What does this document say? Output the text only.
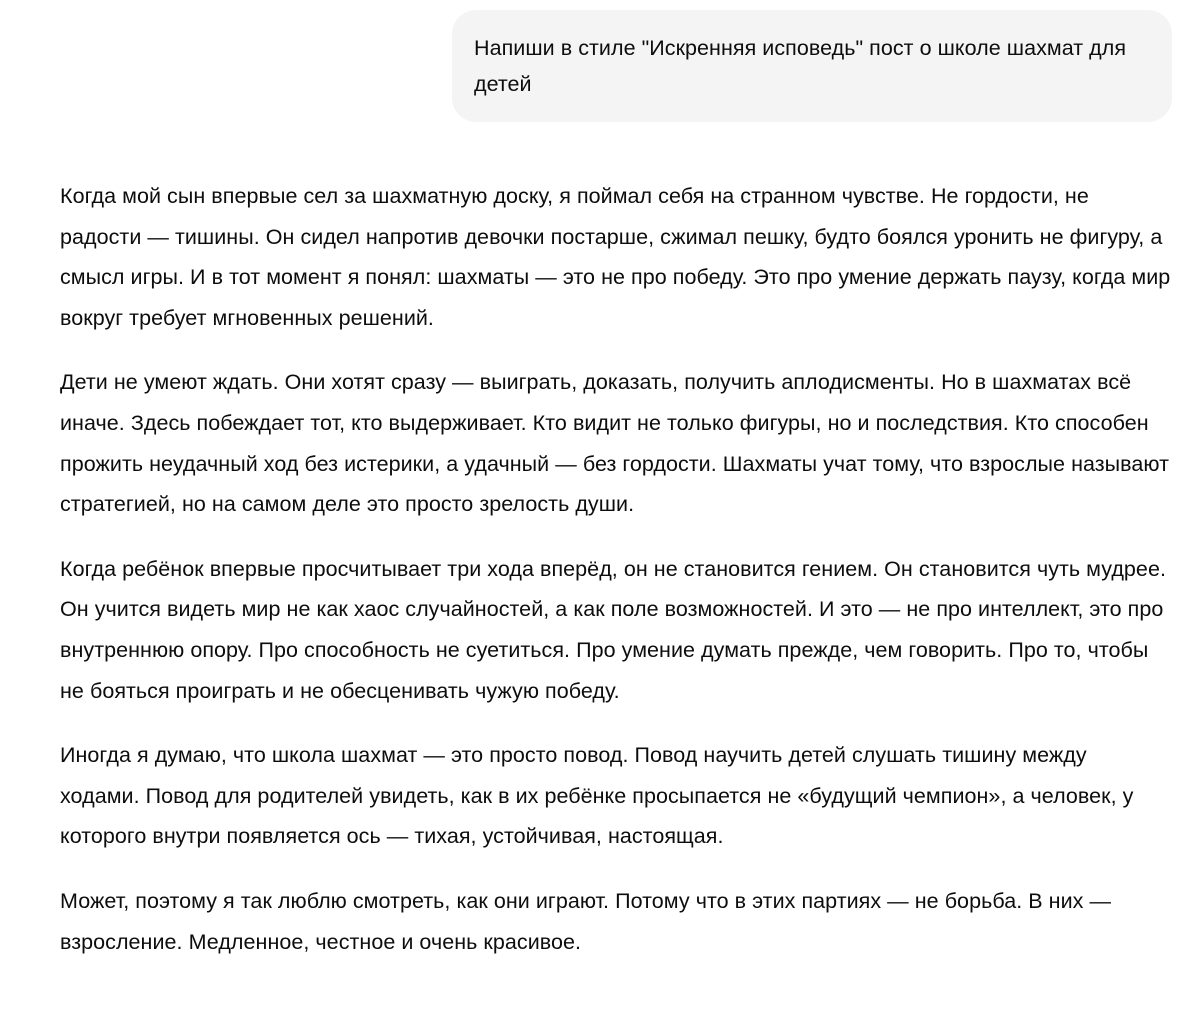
Напиши в стиле "Искренняя исповедь" пост о школе шахмат для детей

Когда мой сын впервые сел за шахматную доску, я поймал себя на странном чувстве. Не гордости, не радости — тишины. Он сидел напротив девочки постарше, сжимал пешку, будто боялся уронить не фигуру, а смысл игры. И в тот момент я понял: шахматы — это не про победу. Это про умение держать паузу, когда мир вокруг требует мгновенных решений.

Дети не умеют ждать. Они хотят сразу — выиграть, доказать, получить аплодисменты. Но в шахматах всё иначе. Здесь побеждает тот, кто выдерживает. Кто видит не только фигуры, но и последствия. Кто способен прожить неудачный ход без истерики, а удачный — без гордости. Шахматы учат тому, что взрослые называют стратегией, но на самом деле это просто зрелость души.

Когда ребёнок впервые просчитывает три хода вперёд, он не становится гением. Он становится чуть мудрее. Он учится видеть мир не как хаос случайностей, а как поле возможностей. И это — не про интеллект, это про внутреннюю опору. Про способность не суетиться. Про умение думать прежде, чем говорить. Про то, чтобы не бояться проиграть и не обесценивать чужую победу.

Иногда я думаю, что школа шахмат — это просто повод. Повод научить детей слушать тишину между ходами. Повод для родителей увидеть, как в их ребёнке просыпается не «будущий чемпион», а человек, у которого внутри появляется ось — тихая, устойчивая, настоящая.

Может, поэтому я так люблю смотреть, как они играют. Потому что в этих партиях — не борьба. В них — взросление. Медленное, честное и очень красивое.
